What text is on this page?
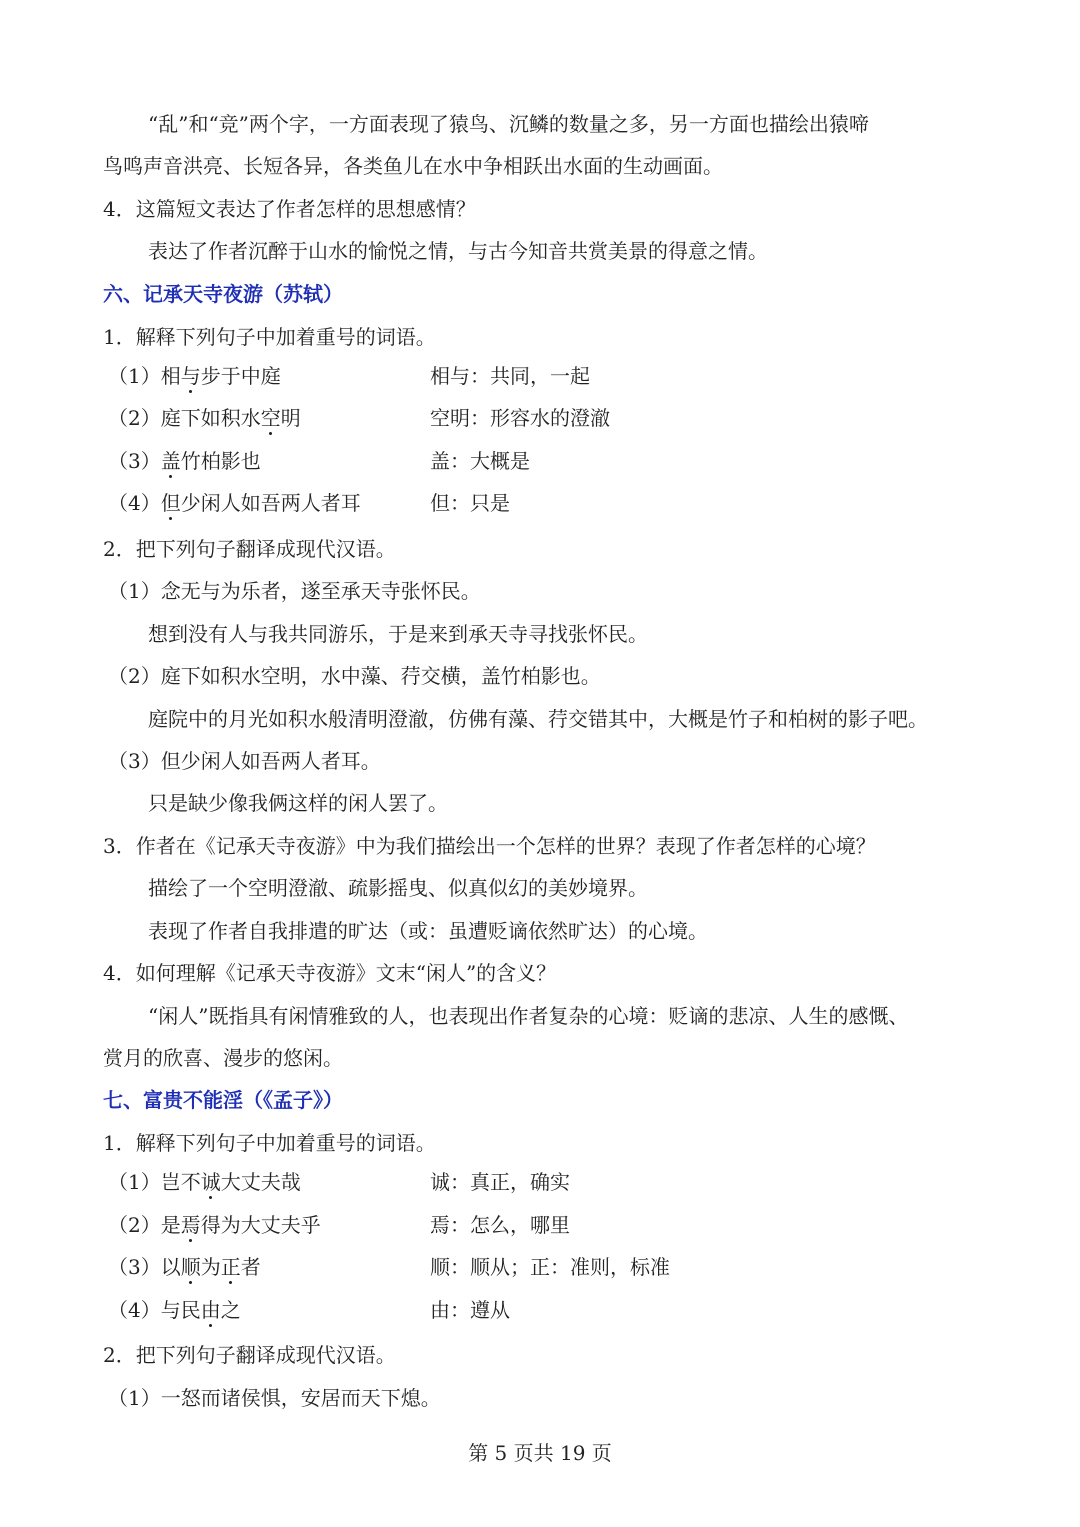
“乱”和“竞”两个字，一方面表现了猿鸟、沉鳞的数量之多，另一方面也描绘出猿啼
鸟鸣声音洪亮、长短各异，各类鱼儿在水中争相跃出水面的生动画面。
4．这篇短文表达了作者怎样的思想感情？
表达了作者沉醉于山水的愉悦之情，与古今知音共赏美景的得意之情。
六、记承天寺夜游（苏轼）
1．解释下列句子中加着重号的词语。
（1）相与步于中庭	相与：共同，一起
（2）庭下如积水空明	空明：形容水的澄澈
（3）盖竹柏影也	盖：大概是
（4）但少闲人如吾两人者耳	但：只是
2．把下列句子翻译成现代汉语。
（1）念无与为乐者，遂至承天寺张怀民。
想到没有人与我共同游乐，于是来到承天寺寻找张怀民。
（2）庭下如积水空明，水中藻、荇交横，盖竹柏影也。
庭院中的月光如积水般清明澄澈，仿佛有藻、荇交错其中，大概是竹子和柏树的影子吧。
（3）但少闲人如吾两人者耳。
只是缺少像我俩这样的闲人罢了。
3．作者在《记承天寺夜游》中为我们描绘出一个怎样的世界？表现了作者怎样的心境？
描绘了一个空明澄澈、疏影摇曳、似真似幻的美妙境界。
表现了作者自我排遣的旷达（或：虽遭贬谪依然旷达）的心境。
4．如何理解《记承天寺夜游》文末“闲人”的含义？
“闲人”既指具有闲情雅致的人，也表现出作者复杂的心境：贬谪的悲凉、人生的感慨、
赏月的欣喜、漫步的悠闲。
七、富贵不能淫（《孟子》）
1．解释下列句子中加着重号的词语。
（1）岂不诚大丈夫哉	诚：真正，确实
（2）是焉得为大丈夫乎	焉：怎么，哪里
（3）以顺为正者	顺：顺从；正：准则，标准
（4）与民由之	由：遵从
2．把下列句子翻译成现代汉语。
（1）一怒而诸侯惧，安居而天下熄。
第 5 页共 19 页
